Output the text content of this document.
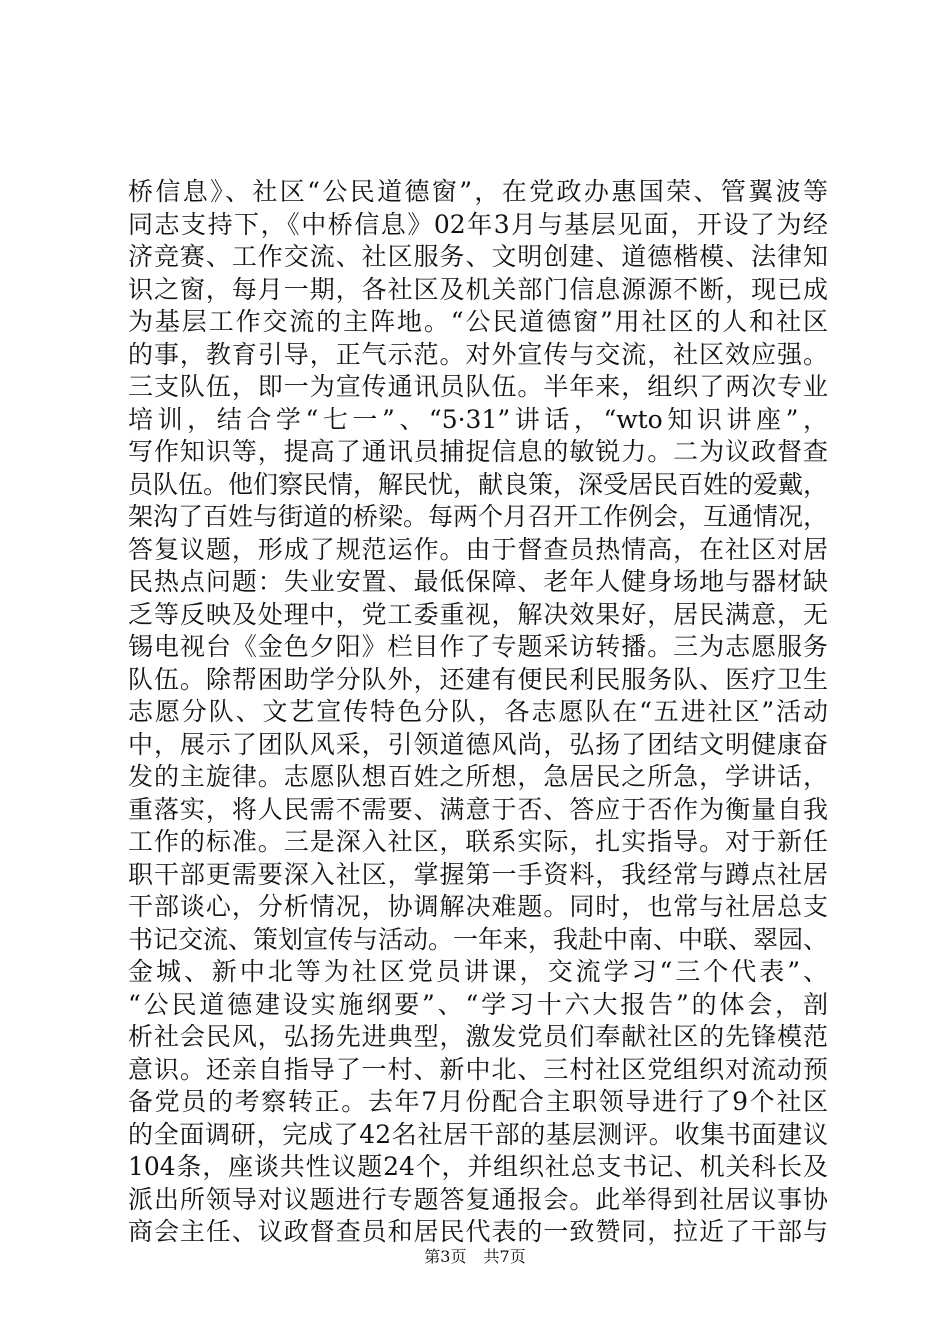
桥信息》、社区“公民道德窗”，在党政办惠国荣、管翼波等
同志支持下，《中桥信息》02年3月与基层见面，开设了为经
济竞赛、工作交流、社区服务、文明创建、道德楷模、法律知
识之窗，每月一期，各社区及机关部门信息源源不断，现已成
为基层工作交流的主阵地。“公民道德窗”用社区的人和社区
的事，教育引导，正气示范。对外宣传与交流，社区效应强。
三支队伍，即一为宣传通讯员队伍。半年来，组织了两次专业
培训，结合学“七一”、“5·31”讲话，“wto知识讲座”，
写作知识等，提高了通讯员捕捉信息的敏锐力。二为议政督查
员队伍。他们察民情，解民忧，献良策，深受居民百姓的爱戴，
架沟了百姓与街道的桥梁。每两个月召开工作例会，互通情况，
答复议题，形成了规范运作。由于督查员热情高，在社区对居
民热点问题：失业安置、最低保障、老年人健身场地与器材缺
乏等反映及处理中，党工委重视，解决效果好，居民满意，无
锡电视台《金色夕阳》栏目作了专题采访转播。三为志愿服务
队伍。除帮困助学分队外，还建有便民利民服务队、医疗卫生
志愿分队、文艺宣传特色分队，各志愿队在“五进社区”活动
中，展示了团队风采，引领道德风尚，弘扬了团结文明健康奋
发的主旋律。志愿队想百姓之所想，急居民之所急，学讲话，
重落实，将人民需不需要、满意于否、答应于否作为衡量自我
工作的标准。三是深入社区，联系实际，扎实指导。对于新任
职干部更需要深入社区，掌握第一手资料，我经常与蹲点社居
干部谈心，分析情况，协调解决难题。同时，也常与社居总支
书记交流、策划宣传与活动。一年来，我赴中南、中联、翠园、
金城、新中北等为社区党员讲课，交流学习“三个代表”、
“公民道德建设实施纲要”、“学习十六大报告”的体会，剖
析社会民风，弘扬先进典型，激发党员们奉献社区的先锋模范
意识。还亲自指导了一村、新中北、三村社区党组织对流动预
备党员的考察转正。去年7月份配合主职领导进行了9个社区
的全面调研，完成了42名社居干部的基层测评。收集书面建议
104条，座谈共性议题24个，并组织社总支书记、机关科长及
派出所领导对议题进行专题答复通报会。此举得到社居议事协
商会主任、议政督查员和居民代表的一致赞同，拉近了干部与
第3页 共7页
